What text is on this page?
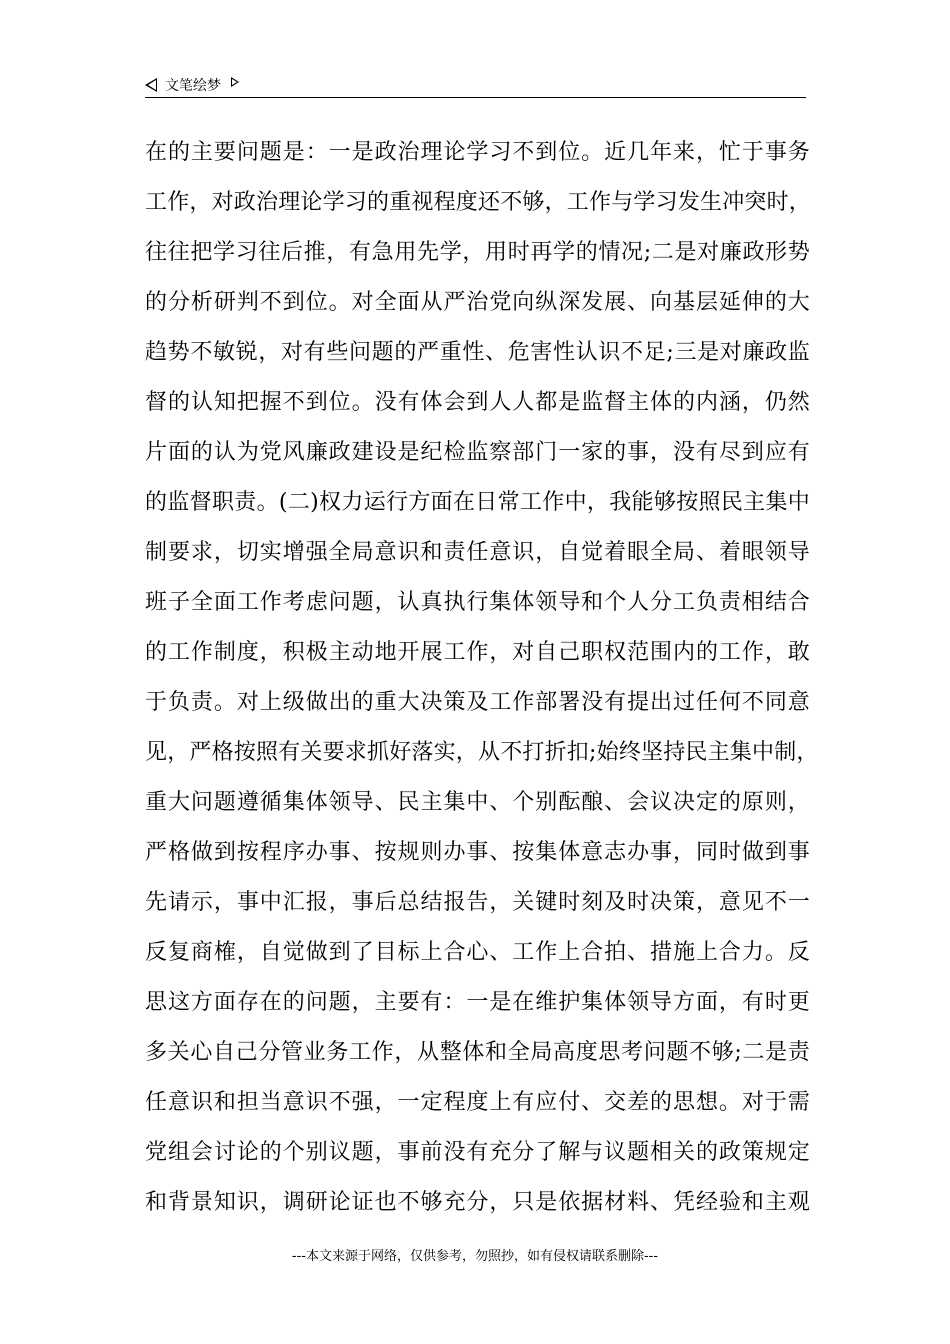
文笔绘梦
在的主要问题是：一是政治理论学习不到位。近几年来，忙于事务
工作，对政治理论学习的重视程度还不够，工作与学习发生冲突时，
往往把学习往后推，有急用先学，用时再学的情况;二是对廉政形势
的分析研判不到位。对全面从严治党向纵深发展、向基层延伸的大
趋势不敏锐，对有些问题的严重性、危害性认识不足;三是对廉政监
督的认知把握不到位。没有体会到人人都是监督主体的内涵，仍然
片面的认为党风廉政建设是纪检监察部门一家的事，没有尽到应有
的监督职责。(二)权力运行方面在日常工作中，我能够按照民主集中
制要求，切实增强全局意识和责任意识，自觉着眼全局、着眼领导
班子全面工作考虑问题，认真执行集体领导和个人分工负责相结合
的工作制度，积极主动地开展工作，对自己职权范围内的工作，敢
于负责。对上级做出的重大决策及工作部署没有提出过任何不同意
见，严格按照有关要求抓好落实，从不打折扣;始终坚持民主集中制，
重大问题遵循集体领导、民主集中、个别酝酿、会议决定的原则，
严格做到按程序办事、按规则办事、按集体意志办事，同时做到事
先请示，事中汇报，事后总结报告，关键时刻及时决策，意见不一
反复商榷，自觉做到了目标上合心、工作上合拍、措施上合力。反
思这方面存在的问题，主要有：一是在维护集体领导方面，有时更
多关心自己分管业务工作，从整体和全局高度思考问题不够;二是责
任意识和担当意识不强，一定程度上有应付、交差的思想。对于需
党组会讨论的个别议题，事前没有充分了解与议题相关的政策规定
和背景知识，调研论证也不够充分，只是依据材料、凭经验和主观
---本文来源于网络，仅供参考，勿照抄，如有侵权请联系删除---
